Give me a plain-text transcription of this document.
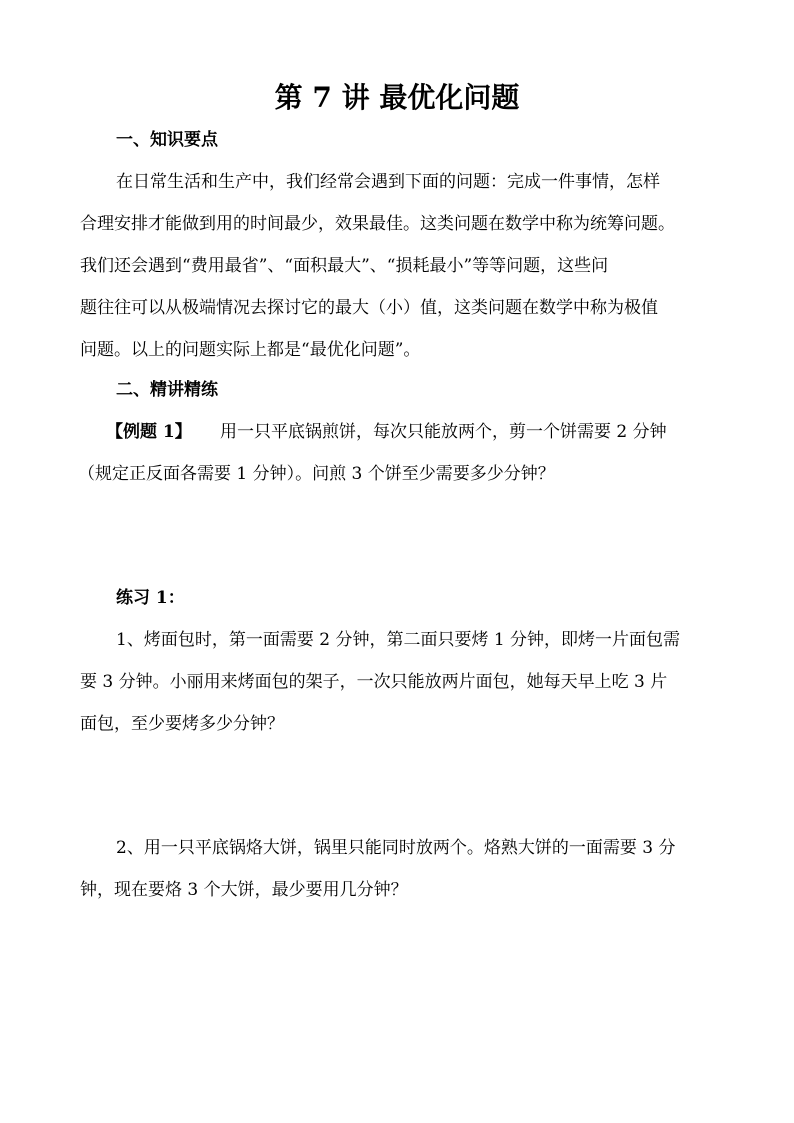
第 7 讲 最优化问题
一、知识要点
在日常生活和生产中，我们经常会遇到下面的问题：完成一件事情，怎样
合理安排才能做到用的时间最少，效果最佳。这类问题在数学中称为统筹问题。
我们还会遇到“费用最省”、“面积最大”、“损耗最小”等等问题，这些问
题往往可以从极端情况去探讨它的最大（小）值，这类问题在数学中称为极值
问题。以上的问题实际上都是“最优化问题”。
二、精讲精练
【例题 1】 用一只平底锅煎饼，每次只能放两个，剪一个饼需要 2 分钟
（规定正反面各需要 1 分钟）。问煎 3 个饼至少需要多少分钟？
练习 1：
1、烤面包时，第一面需要 2 分钟，第二面只要烤 1 分钟，即烤一片面包需
要 3 分钟。小丽用来烤面包的架子，一次只能放两片面包，她每天早上吃 3 片
面包，至少要烤多少分钟？
2、用一只平底锅烙大饼，锅里只能同时放两个。烙熟大饼的一面需要 3 分
钟，现在要烙 3 个大饼，最少要用几分钟？
